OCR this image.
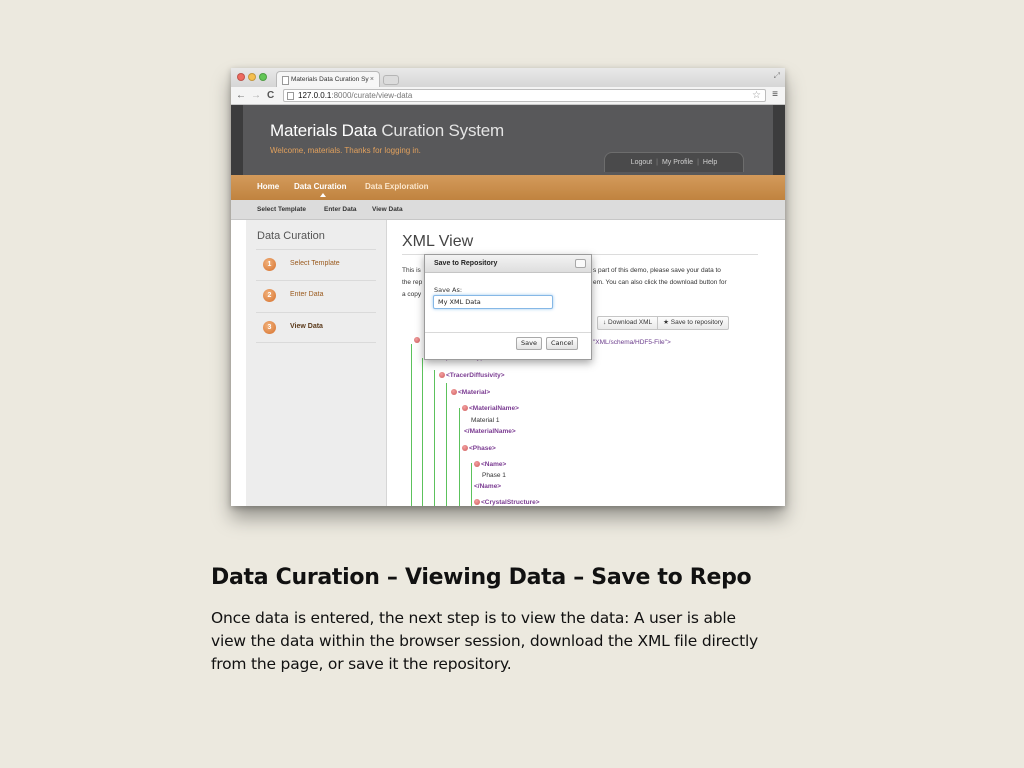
Materials Data Curation Sy ×	⤢
← → C	127.0.0.1:8000/curate/view-data	☆ ≡
Materials Data Curation System
Welcome, materials. Thanks for logging in.
Logout | My Profile | Help
Home Data Curation Data Exploration
Select Template	Enter Data View Data
Data Curation
1	Select Template
2	Enter Data
3	View Data
XML View
This is
the rep
a copy
s part of this demo, please save your data to
em. You can also click the download button for
↓ Download XML	★ Save to repository
"XML/schema/HDF5-File">
<TracerDiffusivity>
<Material>
<MaterialName>
Material 1
</MaterialName>
<Phase>
<Name>
Phase 1
</Name>
<CrystalStructure>
Save to Repository
Save As:
My XML Data
Save	Cancel
Data Curation – Viewing Data – Save to Repo
Once data is entered, the next step is to view the data: A user is able
view the data within the browser session, download the XML file directly
from the page, or save it the repository.
